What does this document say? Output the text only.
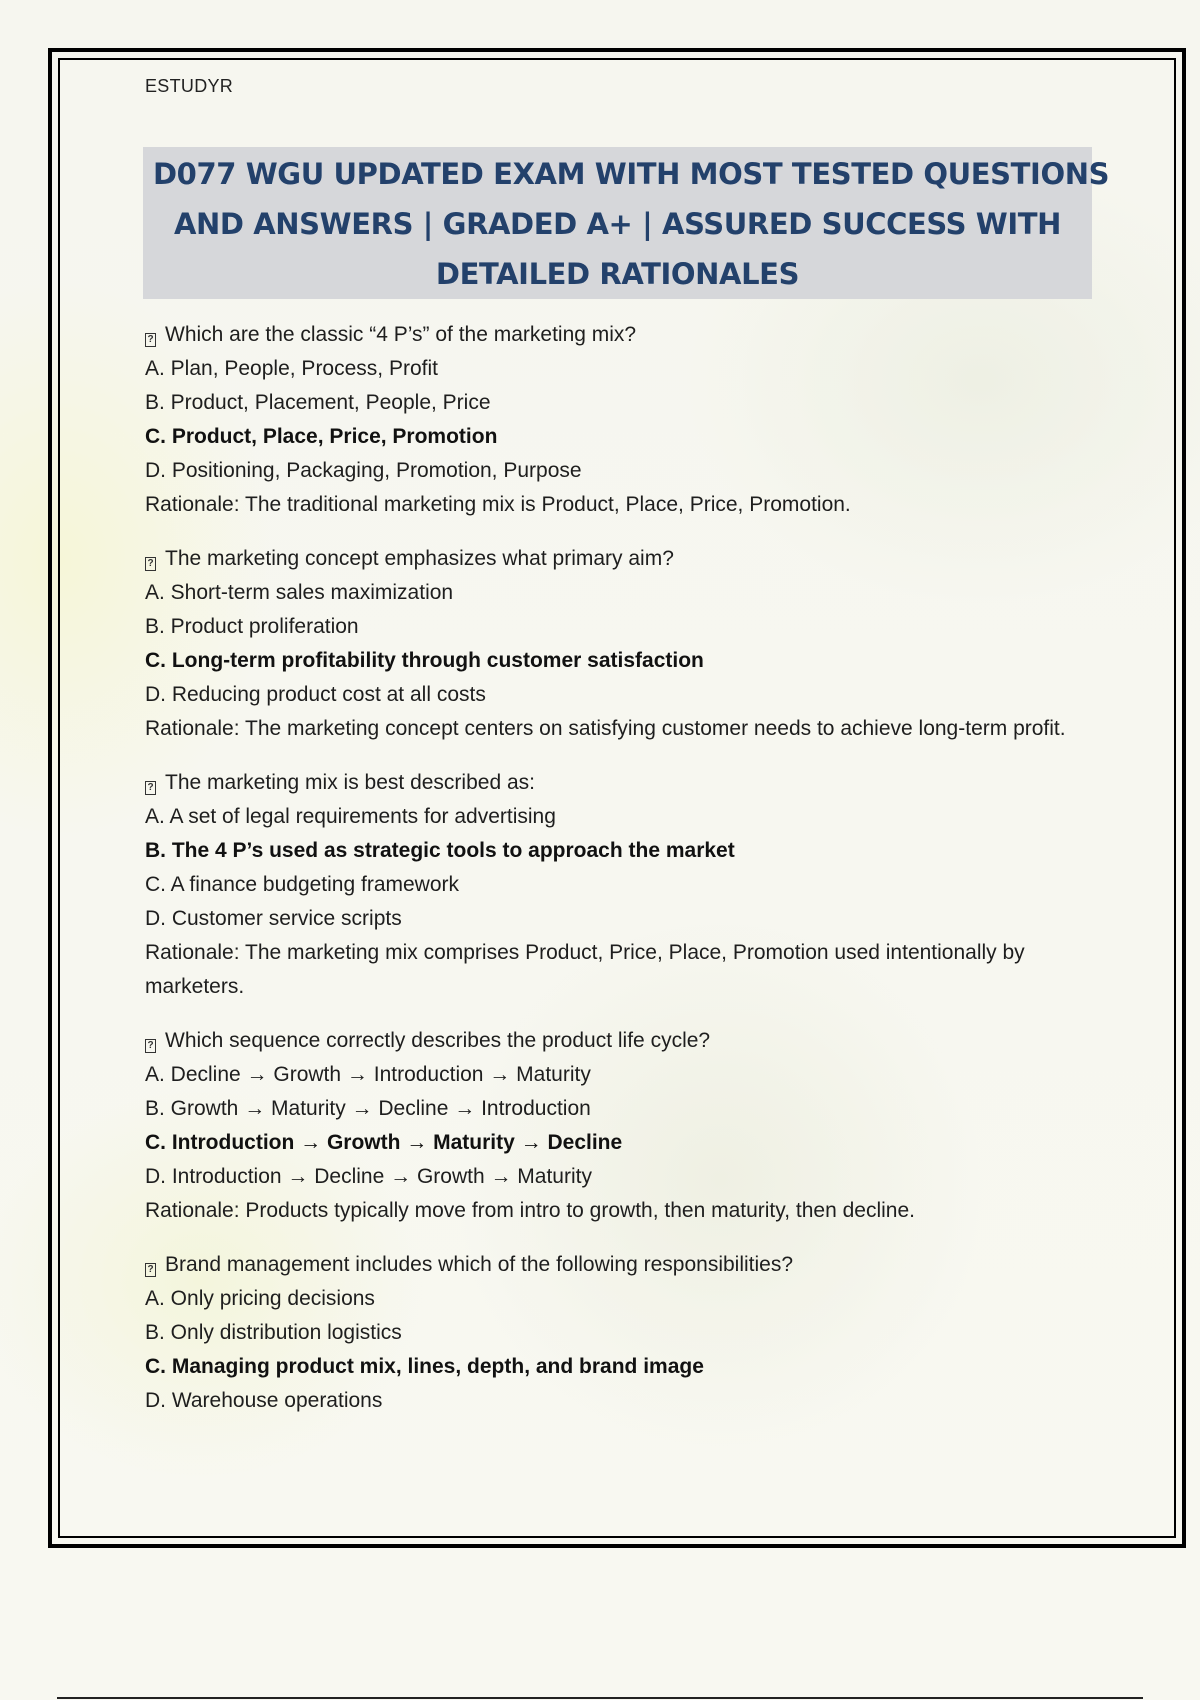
ESTUDYR
D077 WGU UPDATED EXAM WITH MOST TESTED QUESTIONS
AND ANSWERS | GRADED A+ | ASSURED SUCCESS WITH
DETAILED RATIONALES
? Which are the classic “4 P’s” of the marketing mix?
A. Plan, People, Process, Profit
B. Product, Placement, People, Price
C. Product, Place, Price, Promotion
D. Positioning, Packaging, Promotion, Purpose
Rationale: The traditional marketing mix is Product, Place, Price, Promotion.
? The marketing concept emphasizes what primary aim?
A. Short-term sales maximization
B. Product proliferation
C. Long-term profitability through customer satisfaction
D. Reducing product cost at all costs
Rationale: The marketing concept centers on satisfying customer needs to achieve long-term profit.
? The marketing mix is best described as:
A. A set of legal requirements for advertising
B. The 4 P’s used as strategic tools to approach the market
C. A finance budgeting framework
D. Customer service scripts
Rationale: The marketing mix comprises Product, Price, Place, Promotion used intentionally by marketers.
? Which sequence correctly describes the product life cycle?
A. Decline → Growth → Introduction → Maturity
B. Growth → Maturity → Decline → Introduction
C. Introduction → Growth → Maturity → Decline
D. Introduction → Decline → Growth → Maturity
Rationale: Products typically move from intro to growth, then maturity, then decline.
? Brand management includes which of the following responsibilities?
A. Only pricing decisions
B. Only distribution logistics
C. Managing product mix, lines, depth, and brand image
D. Warehouse operations
